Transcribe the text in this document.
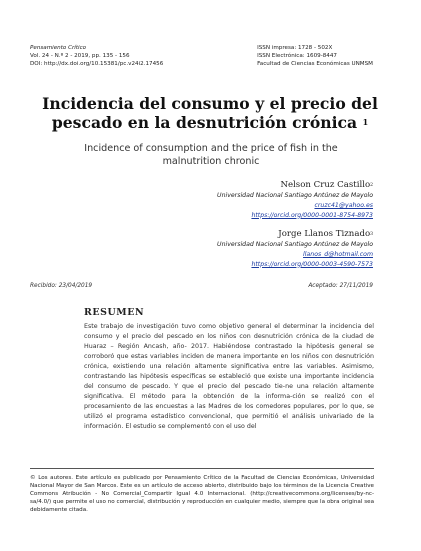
Pensamiento Crítico
Vol. 24 - N.º 2 - 2019, pp. 135 - 156
DOI: http://dx.doi.org/10.15381/pc.v24i2.17456
ISSN impresa: 1728 - 502X
ISSN Electrónica: 1609-8447
Facultad de Ciencias Económicas UNMSM
Incidencia del consumo y el precio del pescado en la desnutrición crónica $^1$
Incidence of consumption and the price of fish in the malnutrition chronic
Nelson Cruz Castillo$^2$
Universidad Nacional Santiago Antúnez de Mayolo
cruzc41@yahoo.es
https://orcid.org/0000-0001-8754-8973
Jorge Llanos Tiznado$^3$
Universidad Nacional Santiago Antúnez de Mayolo
llanos_d@hotmail.com
https://orcid.org/0000-0003-4590-7573
Recibido: 23/04/2019	Aceptado: 27/11/2019
RESUMEN
Este trabajo de investigación tuvo como objetivo general el determinar la incidencia del consumo y el precio del pescado en los niños con desnutrición crónica de la ciudad de Huaraz – Región Ancash, año- 2017. Habiéndose contrastado la hipótesis general se corroboró que estas variables inciden de manera importante en los niños con desnutrición crónica, existiendo una relación altamente significativa entre las variables. Asimismo, contrastando las hipótesis específicas se estableció que existe una importante incidencia del consumo de pescado. Y que el precio del pescado tie-ne una relación altamente significativa. El método para la obtención de la informa-ción se realizó con el procesamiento de las encuestas a las Madres de los comedores populares, por lo que, se utilizó el programa estadístico convencional, que permitió el análisis univariado de la información. El estudio se complementó con el uso del
© Los autores. Este artículo es publicado por Pensamiento Crítico de la Facultad de Ciencias Económicas, Universidad Nacional Mayor de San Marcos. Este es un artículo de acceso abierto, distribuido bajo los términos de la Licencia Creative Commons Atribución - No Comercial_Compartir Igual 4.0 Internacional. (http://creativecommons.org/licenses/by-nc-sa/4.0/) que permite el uso no comercial, distribución y reproducción en cualquier medio, siempre que la obra original sea debidamente citada.
